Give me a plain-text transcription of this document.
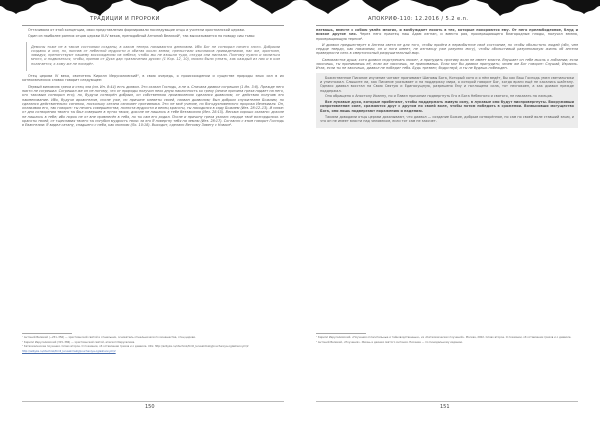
ТРАДИЦИИ И ПРОРОКИ

Оттачивала от этой концепции, свои представления формировали последующие отцы и учители христианской церкви.

Один из наиболее ранних отцов церкви III-IV веков, преподобный Антоний Великий¹, так высказывается по поводу сиы тьмы:

Демоны тоже не в таком состоянии созданы, в каком теперь называются демонами. Ибо Бог не сотворил ничего злого. Добрыми созданы и они, но, ниспав от небесной мудрости и обитая около земли, прельстили язычников привидениями, нас же, христиан, завидуя, препятствуют нашему восхождению на небеса, чтобы мы не взошли туда, откуда они ниспали. Поэтому нужно и молиться много, и подвизаться, чтобы, приняв от Духа дар «различения духов» (1 Кор. 12, 10), можно было узнать, как каждый из них и в ком полагается, к кому же не попадёт.

Отец церкви IV века, святитель Кирилл Иерусалимский², в свою очередь, о происхождении и существе природы злых сил в их катехизических словах говорит следующее:

Первый виновник греха и отец зла (см. Ин. 8:44) есть диавол. Это сказал Господь, а не я. Сначала диавол согрешил (1 Ин. 3:8). Прежде него никто не согрешил. Согрешил же он не потому, что от природы получил нехо дную наклонность ко греху (иначе причина греха падает на него, кто таковым сотворил его); но, будучи сотворён добрым, он собственною произволения сделался диаволом, от действия получив это наименование. Ибо, будучи архангелом, после уже, по причине клеветы своей, назван диаволом; был добрым служителем Божиим, но сделался действительно сатаною, поскольку сатана означает противника. Это не моё учение, но богодухновенного пророка Иезекииля. Он, оплакивая его, так говорит: ты печать совершенства, полнота мудрости и венец красоты, ты находился в саду Божием (Иез. 28:12–13). И ниже: от дня сотворения твоего ты был совершен в путях твоих, доколе не нашлось в тебе беззакония (Иез. 28:15). Весьма хорошо сказано: доколе не нашлось в тебе; ибо порок не от вне привнесён в тебя, но ты сам его родил. После и причину греха указал: сердце твоё возгордилось от красоты твоей, от тщеславия твоего ты погубил мудрость твою: за это Я повергну тебя на землю (Иез. 28:17). Согласно с этим говорит Господь в Евангелии: Я видел сатану, спадшего с неба, как молнию (Лк. 10:18). Выходит, сделано Ветхому Завету с Новым³.

¹ Антоний Великий (~251–356) — христианский святой и отшельник, основатель отшельнического монашества, отец церкви.

² Кирилл Иерусалимский (315–386) — христианский святой, епископ Иерусалима.

³ Катехизические поучения. Слово второе. О покаянии, об оставлении грехов и о диаволе. URL: http://azbyka.ru/otechnik/Kirill_Ierusalimskij/poucheniya-oglashennym/2

http://azbyka.ru/otechnik/Kirill_Ierusalimskij/poucheniya-oglashennym/2

150
АПОКРИФ-110: 12.2016 / 5.2 e.n.

натвашь, вместе с собою увлёк многих, и возбуждает похоть в тех, которые покоряются ему. От него прелюбодеяние, блуд и всякое другое зло. Через него праотец наш Адам изгнан, и вместо рая, произращающего благородные плоды, получил землю, произращающую терния⁴.

И диавол предшествует в Ангела света не для того, чтобы прийти в первобытное своё состояние, но чтобы обольстить людей (обо, чем сердце твердо, как наказании, он и ноги имеет, не изгнанцу уже разумно могу), чтобы обольстивый разумноликую жизнь об ангела праведности пать в смертоносный разрушительный мир.

Самовластна душа; хотя диавол подстрекать может, а принудить противу воли не имеет власти. Внушает он тебе мысль о лобзании; если захочешь, ты принимаешь её, если же захочешь, не принимаешь. Если мог бы диавол принудить; зачем же Бог говорит: Слушай, Израиль. Итак, если ты не захочешь, диавол не победит тебя. Будь трезвен, бодрствуй, и ты не будешь побежден.

Божественное Писание изучение читают принимают Шиновы Бога, Который хотя и о нём ведёт, Вы как Ваш Господь умел светильники и уничтожил. Слышите ли, как Писание указывает и на поддержку мира, о которой говорит Бог, когда враги ещё не касались шайтану. Однако диавол восстал на Свою Святую и Единосущную, разрешено Ему и поглощена сила, тот неспокоен, а как диавол прежде поддержал.

Оно обращено к Апостолу Иоанну, но и Павел причинил подвергнуть Его в Бога Небесного и святого, не наказать на лжецов.

Все лукавые духи, которые прибегают, чтобы поддержать живую силу, в лукавые они будут ниспровергнуты. Вооруживши сопротивление силе, сражаются друг с другом по своей воле, чтобы потом победить в сражении. Возвысивши могущество Бога, они лишь подвергают поражению и падению.

Такими доводами отцы церкви доказывают, что диавол — создание Божие, добрым сотворённое, но сам по своей воле ставший злым, и что он не имеет власти над человеком, если тот сам не захочет.

⁴ Кирилл Иерусалимский. «Поучения огласительные и тайноводственные», из «Катехизических поучений». Москва, 2002. Слово второе. О покаянии, об оставлении грехов и о диаволе.

⁵ Антоний Великий, «Поучения». Жизнь и деяния святого Антония. Писание — по Синодальному изданию.

151
